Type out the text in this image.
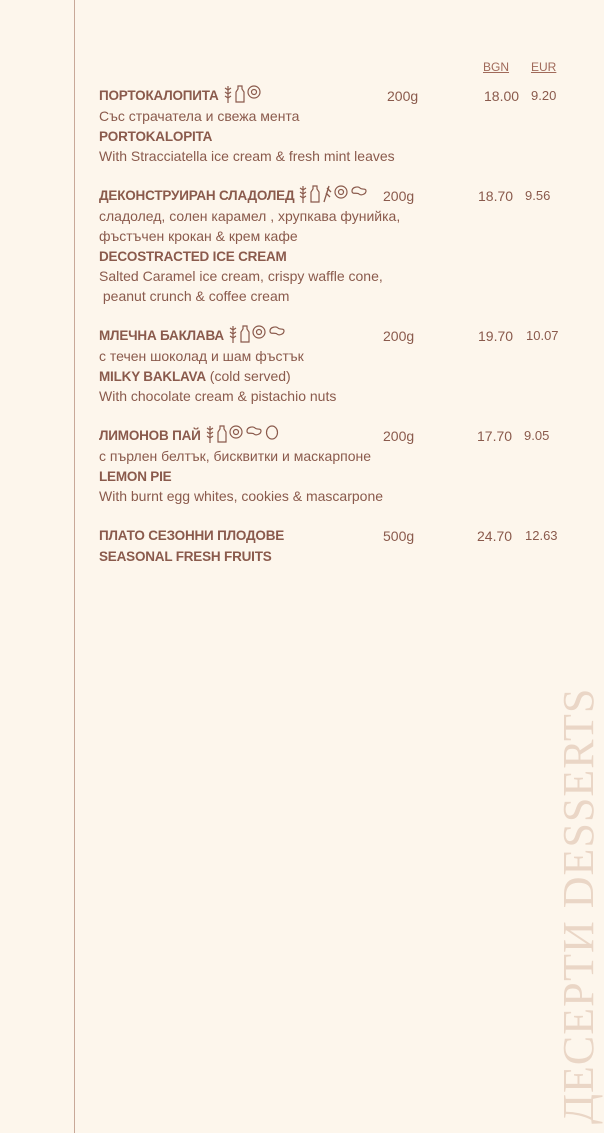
BGN EUR
ПОРТОКАЛОПИТА
Със страчатела и свежа мента
PORTOKALOPITA
With Stracciatella ice cream & fresh mint leaves
200g	18.00 9.20
ДЕКОНСТРУИРАН СЛАДОЛЕД
сладолед, солен карамел , хрупкава фунийка,
фъстъчен крокан & крем кафе
DECOSTRACTED ICE CREAM
Salted Caramel ice cream, crispy waffle cone,
peanut crunch & coffee cream
200g	18.70 9.56
МЛЕЧНА БАКЛАВА
с течен шоколад и шам фъстък
MILKY BAKLAVA (cold served)
With chocolate cream & pistachio nuts
200g	19.70 10.07
ЛИМОНОВ ПАЙ
с пърлен белтък, бисквитки и маскарпоне
LEMON PIE
With burnt egg whites, cookies & mascarpone
200g	17.70 9.05
ПЛАТО СЕЗОННИ ПЛОДОВЕ
SEASONAL FRESH FRUITS
500g	24.70 12.63
ДЕСЕРТИ DESSERTS
